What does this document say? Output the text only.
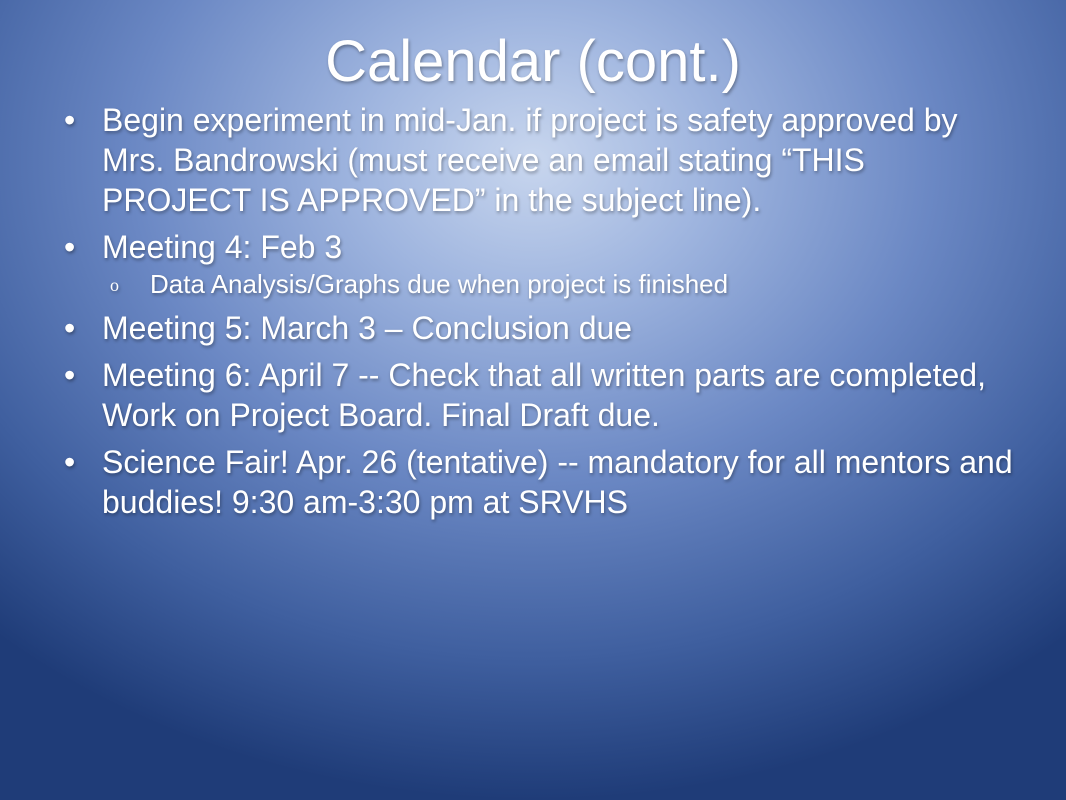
Calendar (cont.)
• Begin experiment in mid-Jan. if project is safety approved by Mrs. Bandrowski (must receive an email stating “THIS PROJECT IS APPROVED” in the subject line).
• Meeting 4: Feb 3
o Data Analysis/Graphs due when project is finished
• Meeting 5: March 3 – Conclusion due
• Meeting 6: April 7 -- Check that all written parts are completed, Work on Project Board. Final Draft due.
• Science Fair! Apr. 26 (tentative) -- mandatory for all mentors and buddies! 9:30 am-3:30 pm at SRVHS
